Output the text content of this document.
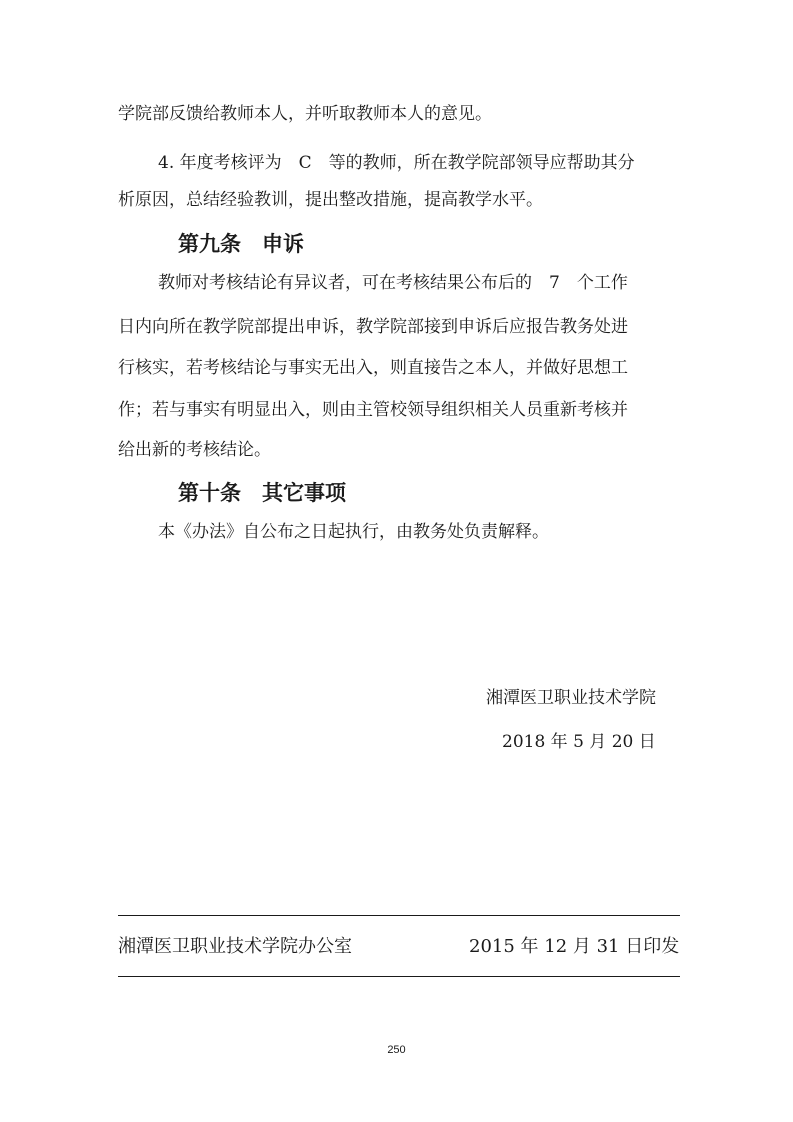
学院部反馈给教师本人，并听取教师本人的意见。
4. 年度考核评为　C　等的教师，所在教学院部领导应帮助其分
析原因，总结经验教训，提出整改措施，提高教学水平。
第九条　申诉
教师对考核结论有异议者，可在考核结果公布后的　7　个工作
日内向所在教学院部提出申诉，教学院部接到申诉后应报告教务处进
行核实，若考核结论与事实无出入，则直接告之本人，并做好思想工
作；若与事实有明显出入，则由主管校领导组织相关人员重新考核并
给出新的考核结论。
第十条　其它事项
本《办法》自公布之日起执行，由教务处负责解释。
湘潭医卫职业技术学院
2018 年 5 月 20 日
湘潭医卫职业技术学院办公室	2015 年 12 月 31 日印发
250
